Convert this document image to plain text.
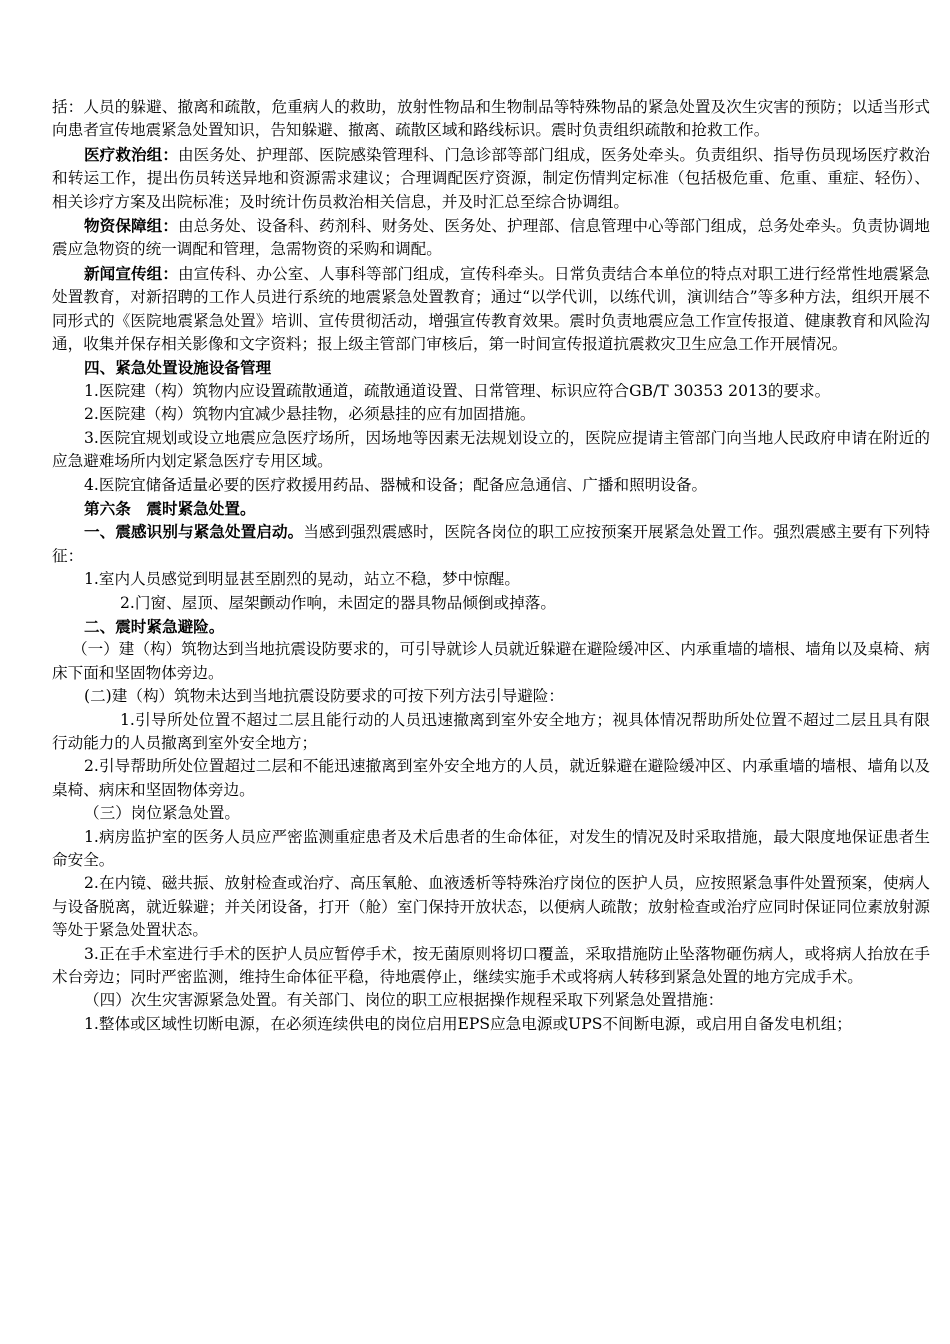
括：人员的躲避、撤离和疏散，危重病人的救助，放射性物品和生物制品等特殊物品的紧急处置及次生灾害的预防；以适当形式向患者宣传地震紧急处置知识，告知躲避、撤离、疏散区域和路线标识。震时负责组织疏散和抢救工作。

医疗救治组：由医务处、护理部、医院感染管理科、门急诊部等部门组成，医务处牵头。负责组织、指导伤员现场医疗救治和转运工作，提出伤员转送异地和资源需求建议；合理调配医疗资源，制定伤情判定标准（包括极危重、危重、重症、轻伤）、相关诊疗方案及出院标准；及时统计伤员救治相关信息，并及时汇总至综合协调组。

物资保障组：由总务处、设备科、药剂科、财务处、医务处、护理部、信息管理中心等部门组成，总务处牵头。负责协调地震应急物资的统一调配和管理，急需物资的采购和调配。

新闻宣传组：由宣传科、办公室、人事科等部门组成，宣传科牵头。日常负责结合本单位的特点对职工进行经常性地震紧急处置教育，对新招聘的工作人员进行系统的地震紧急处置教育；通过“以学代训，以练代训，演训结合”等多种方法，组织开展不同形式的《医院地震紧急处置》培训、宣传贯彻活动，增强宣传教育效果。震时负责地震应急工作宣传报道、健康教育和风险沟通，收集并保存相关影像和文字资料；报上级主管部门审核后，第一时间宣传报道抗震救灾卫生应急工作开展情况。

四、紧急处置设施设备管理

1.医院建（构）筑物内应设置疏散通道，疏散通道设置、日常管理、标识应符合GB/T 30353 2013的要求。

2.医院建（构）筑物内宜减少悬挂物，必须悬挂的应有加固措施。

3.医院宜规划或设立地震应急医疗场所，因场地等因素无法规划设立的，医院应提请主管部门向当地人民政府申请在附近的应急避难场所内划定紧急医疗专用区域。

4.医院宜储备适量必要的医疗救援用药品、器械和设备；配备应急通信、广播和照明设备。

第六条　震时紧急处置。

一、震感识别与紧急处置启动。当感到强烈震感时，医院各岗位的职工应按预案开展紧急处置工作。强烈震感主要有下列特征：

1.室内人员感觉到明显甚至剧烈的晃动，站立不稳，梦中惊醒。

2.门窗、屋顶、屋架颤动作响，未固定的器具物品倾倒或掉落。

二、震时紧急避险。

（一）建（构）筑物达到当地抗震设防要求的，可引导就诊人员就近躲避在避险缓冲区、内承重墙的墙根、墙角以及桌椅、病床下面和坚固物体旁边。

(二)建（构）筑物未达到当地抗震设防要求的可按下列方法引导避险：

1.引导所处位置不超过二层且能行动的人员迅速撤离到室外安全地方；视具体情况帮助所处位置不超过二层且具有限行动能力的人员撤离到室外安全地方；

2.引导帮助所处位置超过二层和不能迅速撤离到室外安全地方的人员，就近躲避在避险缓冲区、内承重墙的墙根、墙角以及桌椅、病床和坚固物体旁边。

（三）岗位紧急处置。

1.病房监护室的医务人员应严密监测重症患者及术后患者的生命体征，对发生的情况及时采取措施，最大限度地保证患者生命安全。

2.在内镜、磁共振、放射检查或治疗、高压氧舱、血液透析等特殊治疗岗位的医护人员，应按照紧急事件处置预案，使病人与设备脱离，就近躲避；并关闭设备，打开（舱）室门保持开放状态，以便病人疏散；放射检查或治疗应同时保证同位素放射源等处于紧急处置状态。

3.正在手术室进行手术的医护人员应暂停手术，按无菌原则将切口覆盖，采取措施防止坠落物砸伤病人，或将病人抬放在手术台旁边；同时严密监测，维持生命体征平稳，待地震停止，继续实施手术或将病人转移到紧急处置的地方完成手术。

（四）次生灾害源紧急处置。有关部门、岗位的职工应根据操作规程采取下列紧急处置措施：

1.整体或区域性切断电源，在必须连续供电的岗位启用EPS应急电源或UPS不间断电源，或启用自备发电机组；
